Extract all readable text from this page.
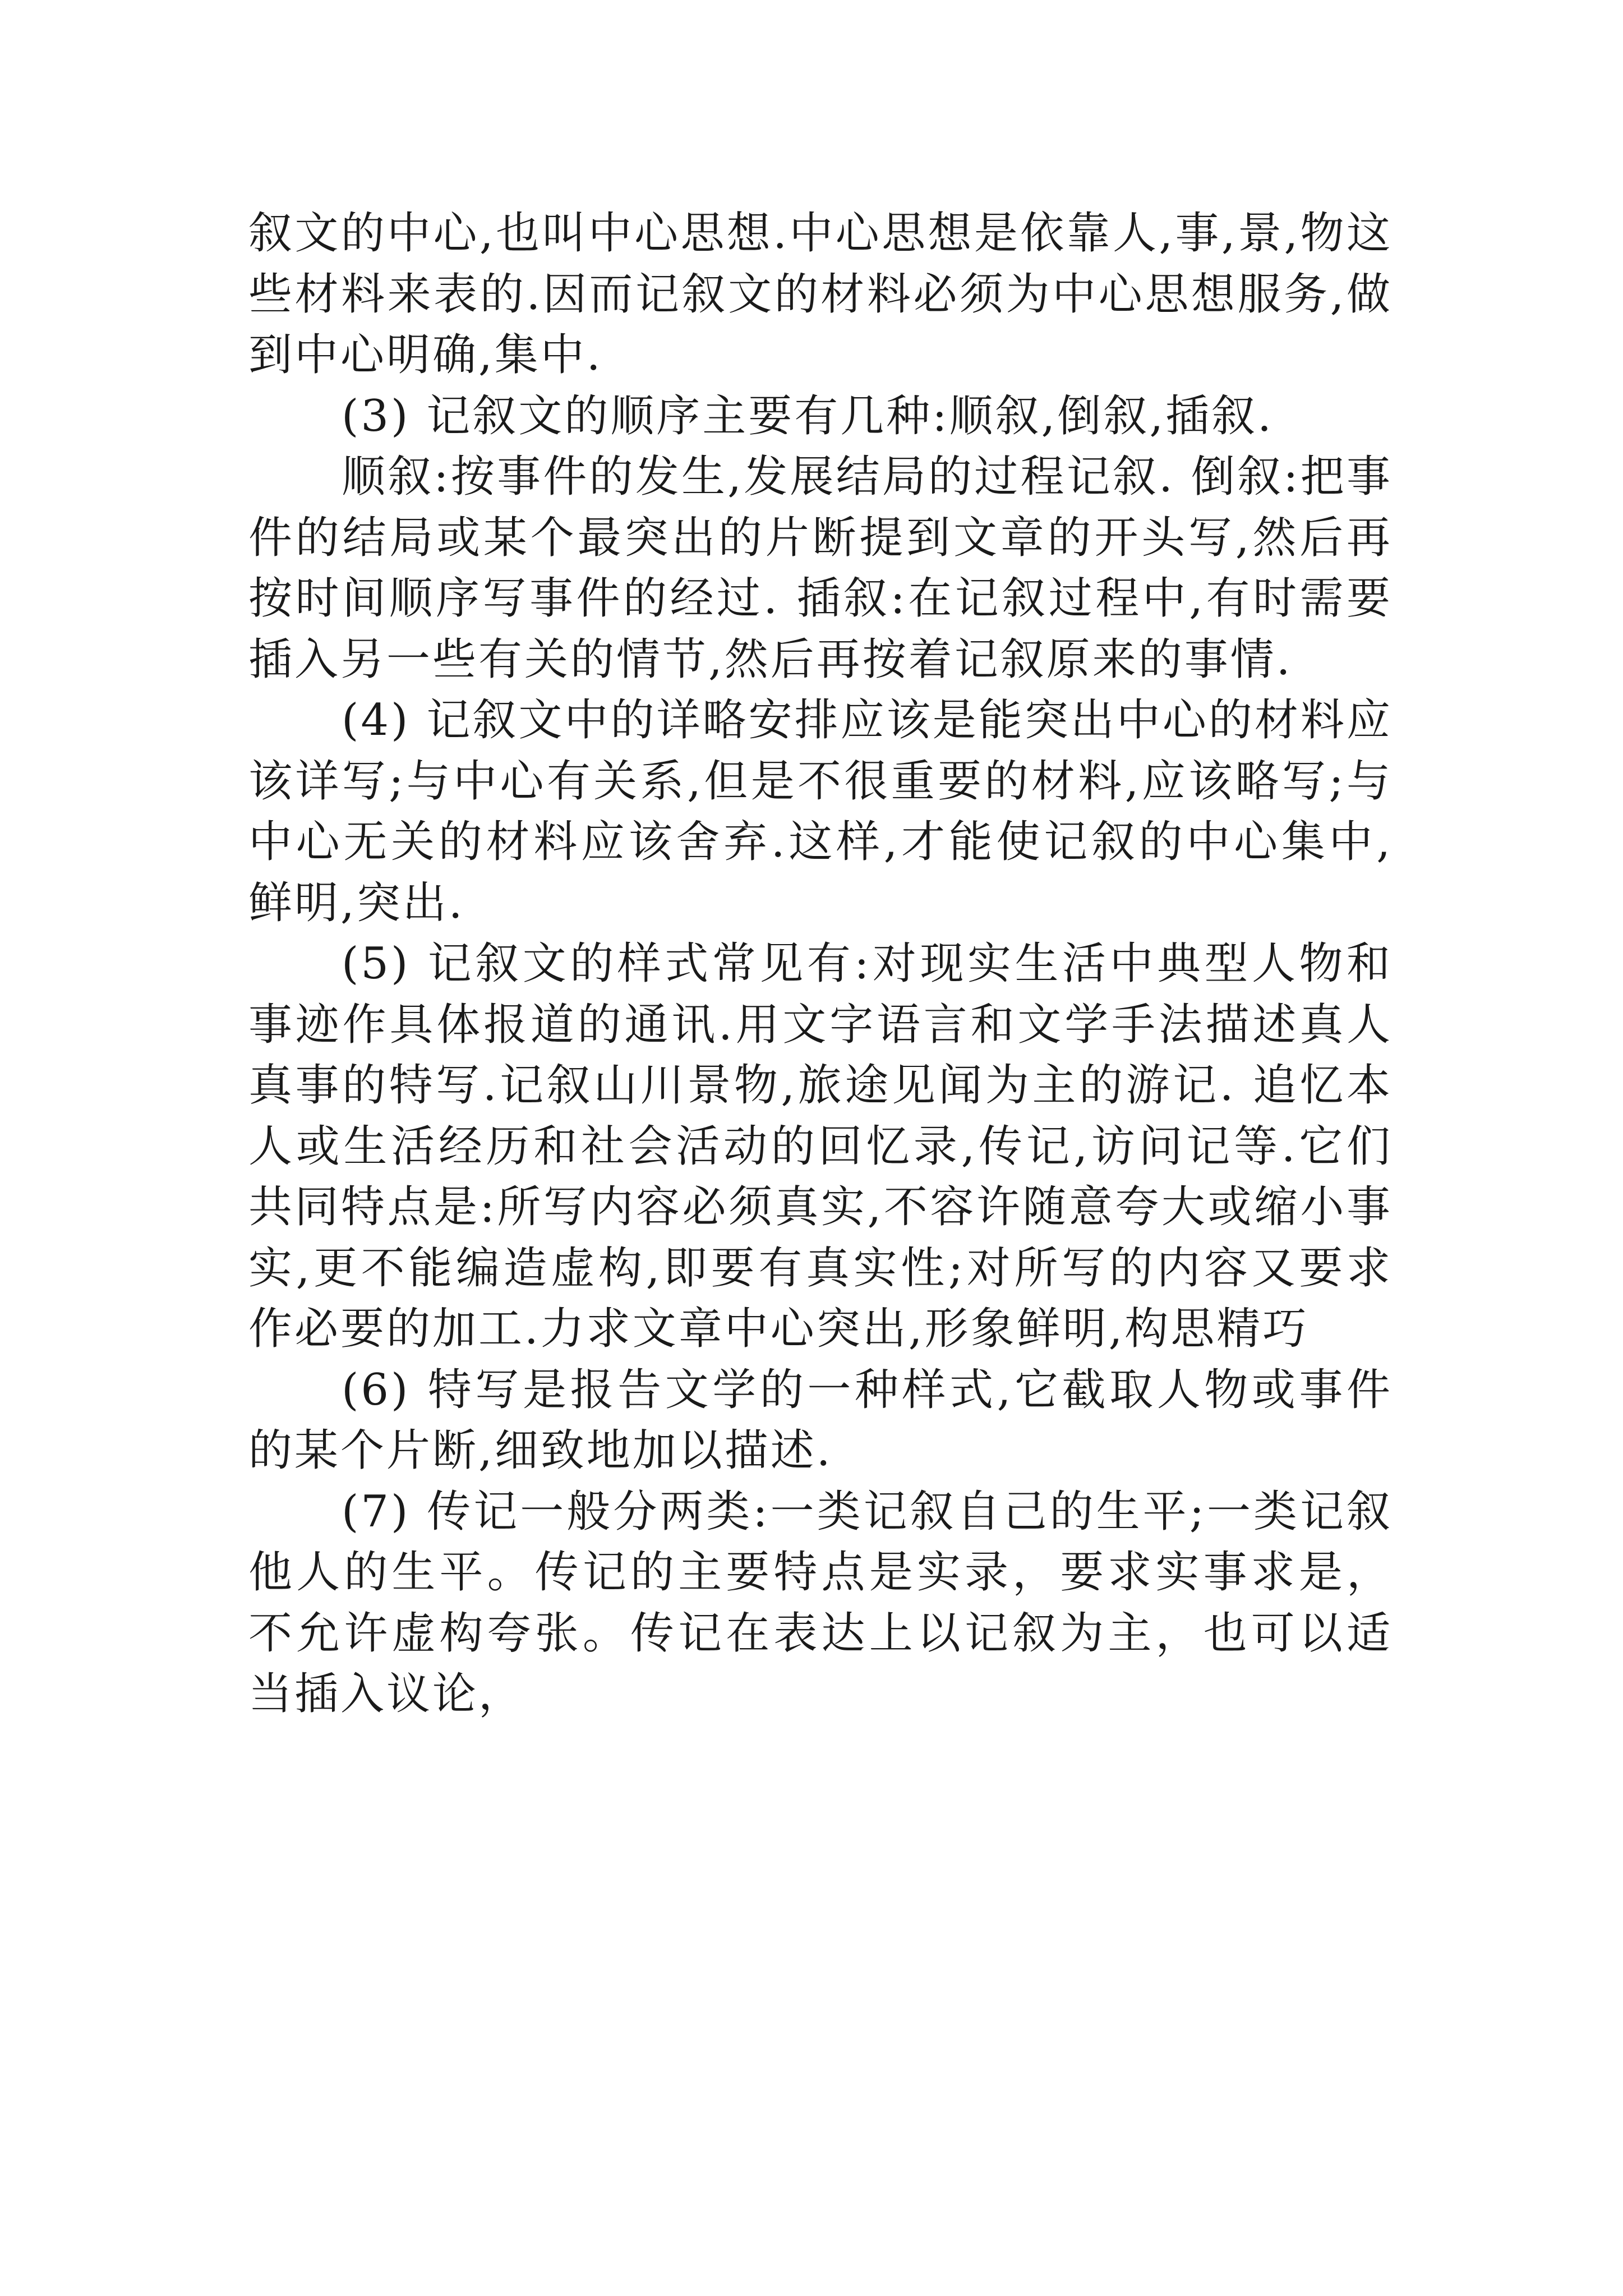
叙文的中心,也叫中心思想.中心思想是依靠人,事,景,物这些材料来表的.因而记叙文的材料必须为中心思想服务,做到中心明确,集中.

(3) 记叙文的顺序主要有几种:顺叙,倒叙,插叙.

顺叙:按事件的发生,发展结局的过程记叙. 倒叙:把事件的结局或某个最突出的片断提到文章的开头写,然后再按时间顺序写事件的经过. 插叙:在记叙过程中,有时需要插入另一些有关的情节,然后再按着记叙原来的事情.

(4) 记叙文中的详略安排应该是能突出中心的材料应该详写;与中心有关系,但是不很重要的材料,应该略写;与中心无关的材料应该舍弃.这样,才能使记叙的中心集中,鲜明,突出.

(5) 记叙文的样式常见有:对现实生活中典型人物和事迹作具体报道的通讯.用文字语言和文学手法描述真人真事的特写.记叙山川景物,旅途见闻为主的游记. 追忆本人或生活经历和社会活动的回忆录,传记,访问记等.它们共同特点是:所写内容必须真实,不容许随意夸大或缩小事实,更不能编造虚构,即要有真实性;对所写的内容又要求作必要的加工.力求文章中心突出,形象鲜明,构思精巧

(6) 特写是报告文学的一种样式,它截取人物或事件的某个片断,细致地加以描述.

(7) 传记一般分两类:一类记叙自己的生平;一类记叙他人的生平。传记的主要特点是实录，要求实事求是，不允许虚构夸张。传记在表达上以记叙为主，也可以适当插入议论，
